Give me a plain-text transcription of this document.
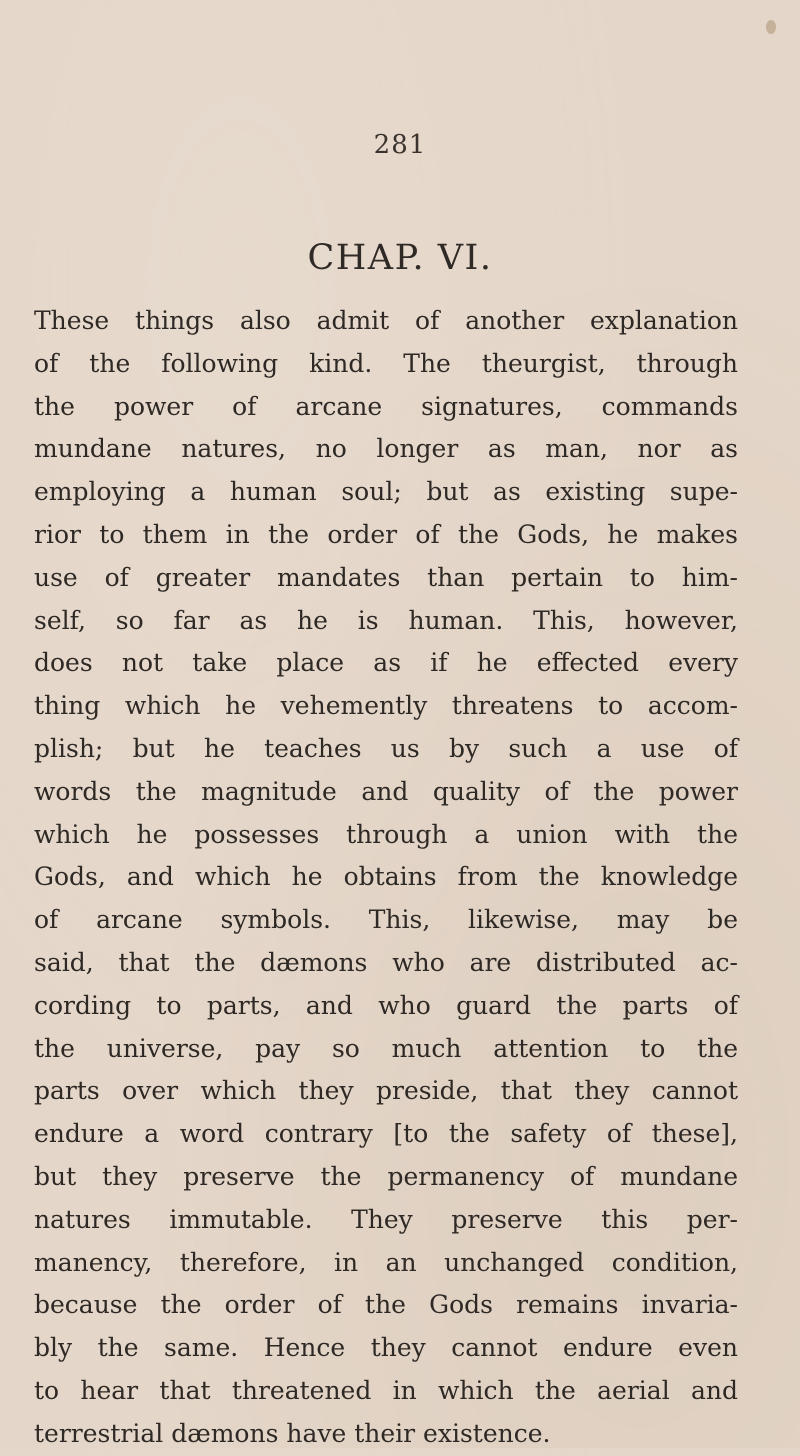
281
CHAP. VI.
These things also admit of another explanation
of the following kind. The theurgist, through
the power of arcane signatures, commands
mundane natures, no longer as man, nor as
employing a human soul; but as existing supe-
rior to them in the order of the Gods, he makes
use of greater mandates than pertain to him-
self, so far as he is human. This, however,
does not take place as if he effected every
thing which he vehemently threatens to accom-
plish; but he teaches us by such a use of
words the magnitude and quality of the power
which he possesses through a union with the
Gods, and which he obtains from the knowledge
of arcane symbols. This, likewise, may be
said, that the dæmons who are distributed ac-
cording to parts, and who guard the parts of
the universe, pay so much attention to the
parts over which they preside, that they cannot
endure a word contrary [to the safety of these],
but they preserve the permanency of mundane
natures immutable. They preserve this per-
manency, therefore, in an unchanged condition,
because the order of the Gods remains invaria-
bly the same. Hence they cannot endure even
to hear that threatened in which the aerial and
terrestrial dæmons have their existence.
